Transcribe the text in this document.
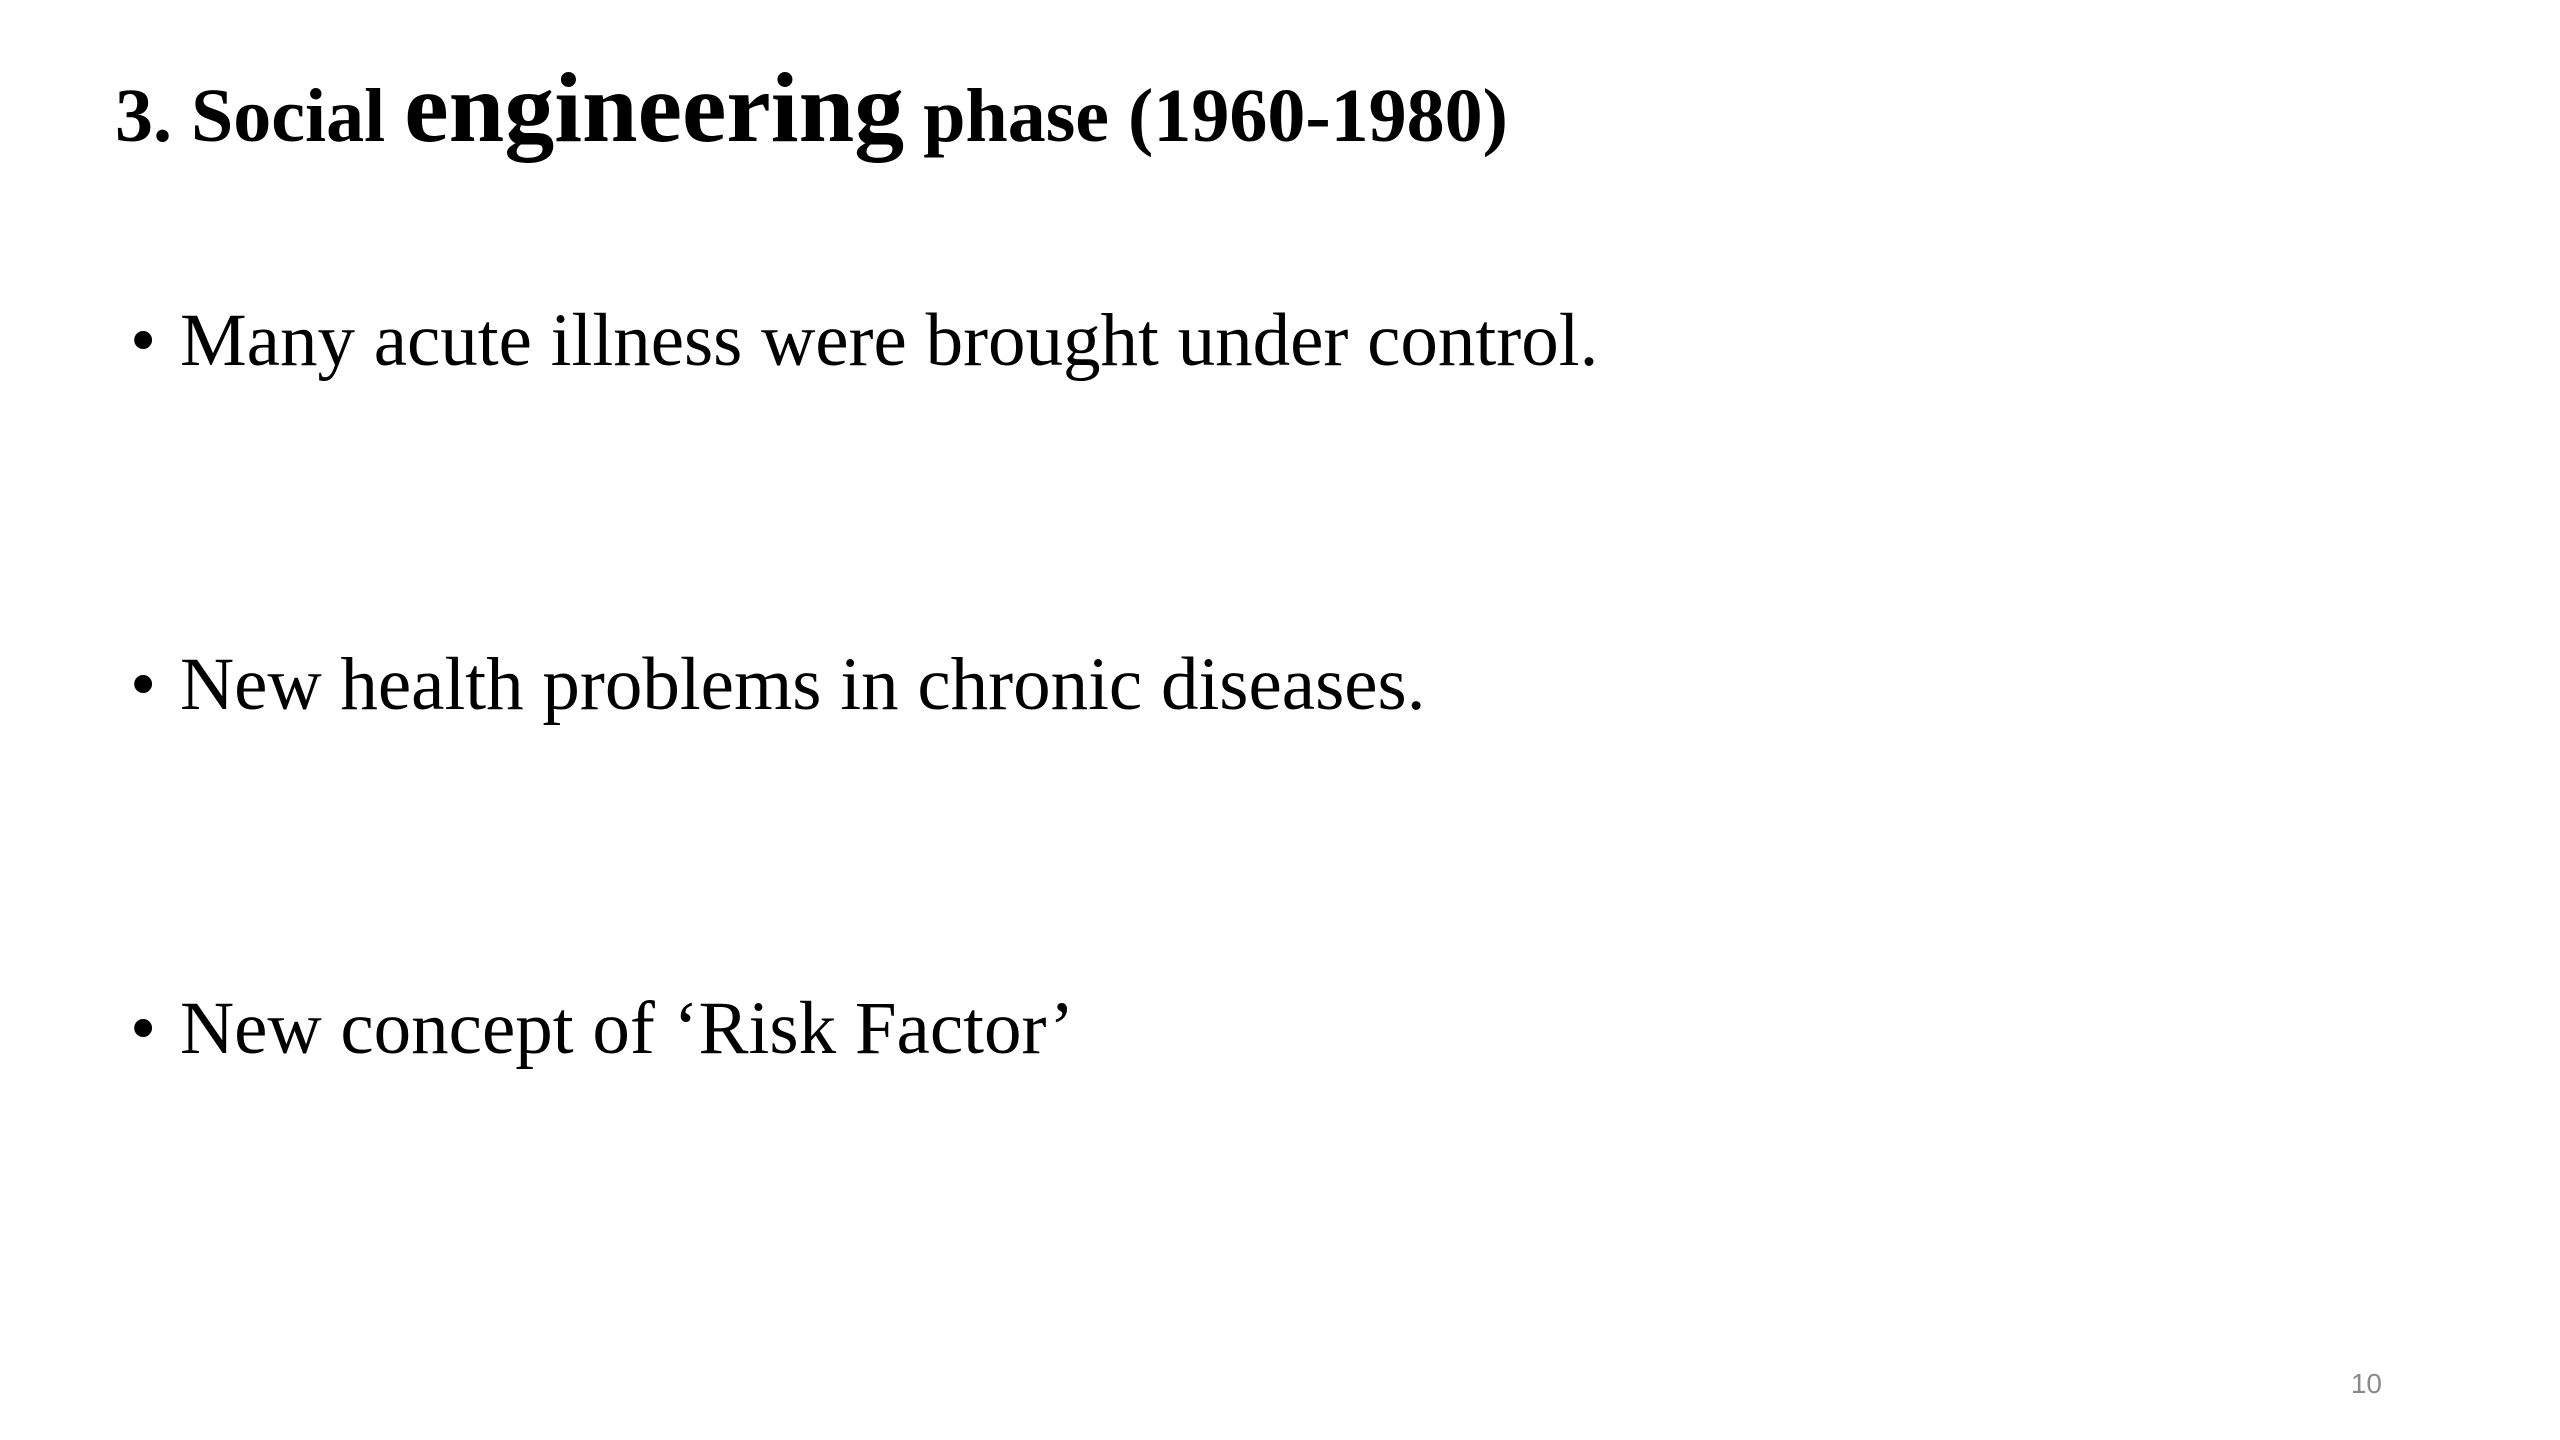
3. Social engineering phase (1960-1980)
• Many acute illness were brought under control.
• New health problems in chronic diseases.
• New concept of ‘Risk Factor’
10
